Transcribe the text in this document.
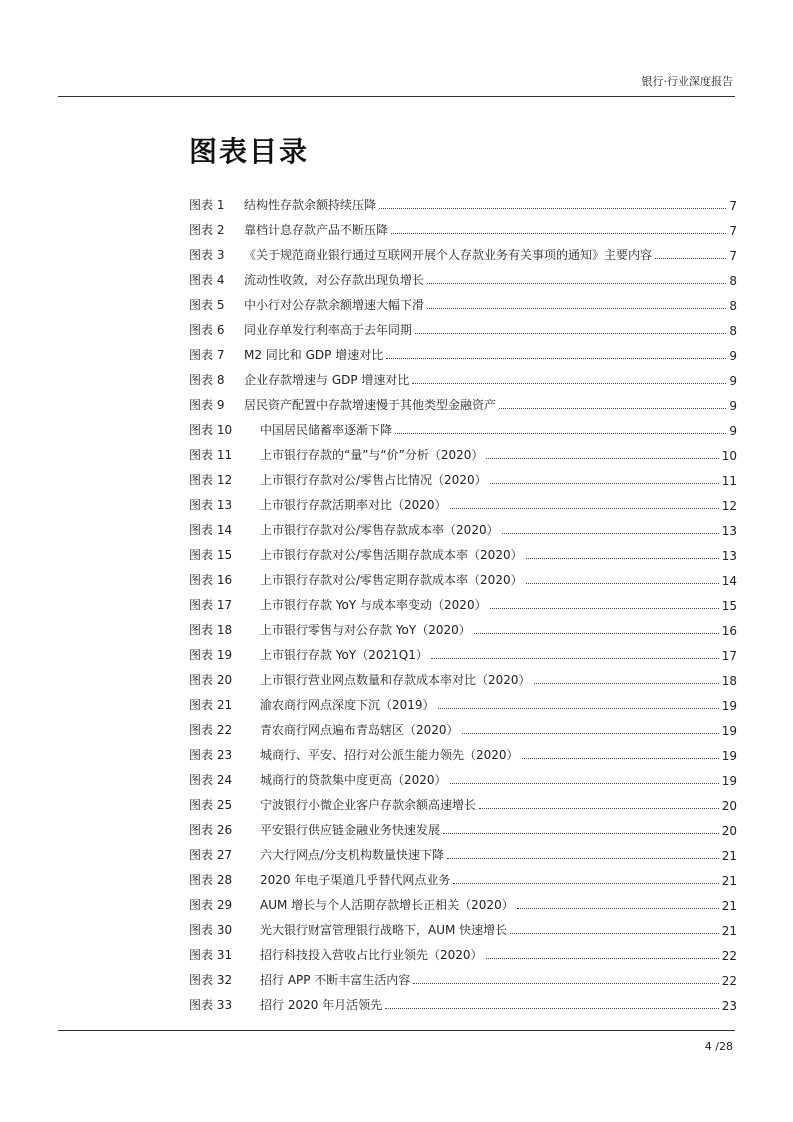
银行·行业深度报告
图表目录
图表 1	结构性存款余额持续压降	7
图表 2	靠档计息存款产品不断压降	7
图表 3	《关于规范商业银行通过互联网开展个人存款业务有关事项的通知》主要内容	7
图表 4	流动性收敛，对公存款出现负增长	8
图表 5	中小行对公存款余额增速大幅下滑	8
图表 6	同业存单发行利率高于去年同期	8
图表 7	M2 同比和 GDP 增速对比	9
图表 8	企业存款增速与 GDP 增速对比	9
图表 9	居民资产配置中存款增速慢于其他类型金融资产	9
图表 10	中国居民储蓄率逐渐下降	9
图表 11	上市银行存款的“量”与“价”分析（2020）	10
图表 12	上市银行存款对公/零售占比情况（2020）	11
图表 13	上市银行存款活期率对比（2020）	12
图表 14	上市银行存款对公/零售存款成本率（2020）	13
图表 15	上市银行存款对公/零售活期存款成本率（2020）	13
图表 16	上市银行存款对公/零售定期存款成本率（2020）	14
图表 17	上市银行存款 YoY 与成本率变动（2020）	15
图表 18	上市银行零售与对公存款 YoY（2020）	16
图表 19	上市银行存款 YoY（2021Q1）	17
图表 20	上市银行营业网点数量和存款成本率对比（2020）	18
图表 21	渝农商行网点深度下沉（2019）	19
图表 22	青农商行网点遍布青岛辖区（2020）	19
图表 23	城商行、平安、招行对公派生能力领先（2020）	19
图表 24	城商行的贷款集中度更高（2020）	19
图表 25	宁波银行小微企业客户存款余额高速增长	20
图表 26	平安银行供应链金融业务快速发展	20
图表 27	六大行网点/分支机构数量快速下降	21
图表 28	2020 年电子渠道几乎替代网点业务	21
图表 29	AUM 增长与个人活期存款增长正相关（2020）	21
图表 30	光大银行财富管理银行战略下，AUM 快速增长	21
图表 31	招行科技投入营收占比行业领先（2020）	22
图表 32	招行 APP 不断丰富生活内容	22
图表 33	招行 2020 年月活领先	23
4 /28
